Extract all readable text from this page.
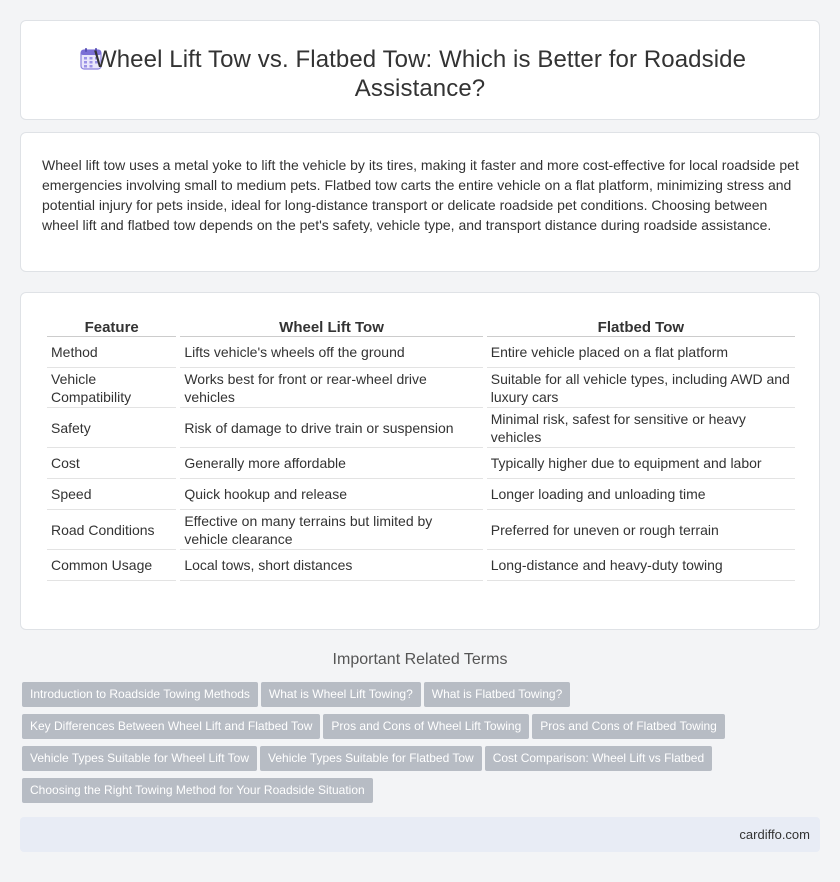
Wheel Lift Tow vs. Flatbed Tow: Which is Better for Roadside Assistance?

Wheel lift tow uses a metal yoke to lift the vehicle by its tires, making it faster and more cost-effective for local roadside pet emergencies involving small to medium pets. Flatbed tow carts the entire vehicle on a flat platform, minimizing stress and potential injury for pets inside, ideal for long-distance transport or delicate roadside pet conditions. Choosing between wheel lift and flatbed tow depends on the pet's safety, vehicle type, and transport distance during roadside assistance.

Feature	Wheel Lift Tow	Flatbed Tow
Method	Lifts vehicle's wheels off the ground	Entire vehicle placed on a flat platform
Vehicle Compatibility	Works best for front or rear-wheel drive vehicles	Suitable for all vehicle types, including AWD and luxury cars
Safety	Risk of damage to drive train or suspension	Minimal risk, safest for sensitive or heavy vehicles
Cost	Generally more affordable	Typically higher due to equipment and labor
Speed	Quick hookup and release	Longer loading and unloading time
Road Conditions	Effective on many terrains but limited by vehicle clearance	Preferred for uneven or rough terrain
Common Usage	Local tows, short distances	Long-distance and heavy-duty towing
Important Related Terms
Introduction to Roadside Towing Methods What is Wheel Lift Towing? What is Flatbed Towing?
Key Differences Between Wheel Lift and Flatbed Tow Pros and Cons of Wheel Lift Towing Pros and Cons of Flatbed Towing
Vehicle Types Suitable for Wheel Lift Tow Vehicle Types Suitable for Flatbed Tow Cost Comparison: Wheel Lift vs Flatbed
Choosing the Right Towing Method for Your Roadside Situation
cardiffo.com
